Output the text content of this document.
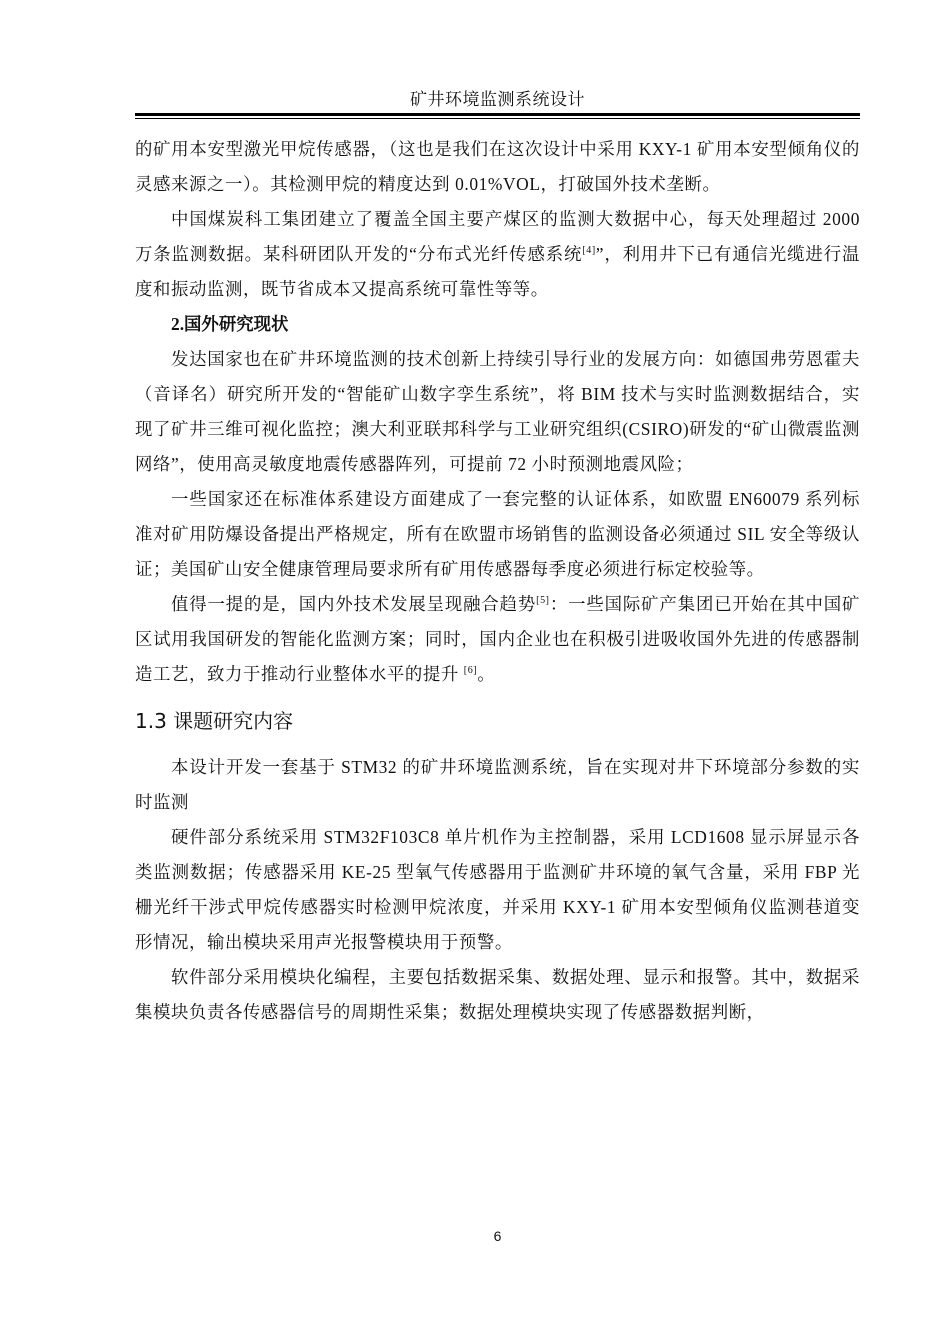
矿井环境监测系统设计

的矿用本安型激光甲烷传感器，（这也是我们在这次设计中采用 KXY-1 矿用本安型倾角仪的灵感来源之一）。其检测甲烷的精度达到 0.01%VOL，打破国外技术垄断。

中国煤炭科工集团建立了覆盖全国主要产煤区的监测大数据中心，每天处理超过 2000 万条监测数据。某科研团队开发的“分布式光纤传感系统[4]”，利用井下已有通信光缆进行温度和振动监测，既节省成本又提高系统可靠性等等。

2.国外研究现状

发达国家也在矿井环境监测的技术创新上持续引导行业的发展方向：如德国弗劳恩霍夫（音译名）研究所开发的“智能矿山数字孪生系统”，将 BIM 技术与实时监测数据结合，实现了矿井三维可视化监控；澳大利亚联邦科学与工业研究组织(CSIRO)研发的“矿山微震监测网络”，使用高灵敏度地震传感器阵列，可提前 72 小时预测地震风险；

一些国家还在标准体系建设方面建成了一套完整的认证体系，如欧盟 EN60079 系列标准对矿用防爆设备提出严格规定，所有在欧盟市场销售的监测设备必须通过 SIL 安全等级认证；美国矿山安全健康管理局要求所有矿用传感器每季度必须进行标定校验等。

值得一提的是，国内外技术发展呈现融合趋势[5]：一些国际矿产集团已开始在其中国矿区试用我国研发的智能化监测方案；同时，国内企业也在积极引进吸收国外先进的传感器制造工艺，致力于推动行业整体水平的提升 [6]。

1.3 课题研究内容

本设计开发一套基于 STM32 的矿井环境监测系统，旨在实现对井下环境部分参数的实时监测

硬件部分系统采用 STM32F103C8 单片机作为主控制器，采用 LCD1608 显示屏显示各类监测数据；传感器采用 KE-25 型氧气传感器用于监测矿井环境的氧气含量，采用 FBP 光栅光纤干涉式甲烷传感器实时检测甲烷浓度，并采用 KXY-1 矿用本安型倾角仪监测巷道变形情况，输出模块采用声光报警模块用于预警。

软件部分采用模块化编程，主要包括数据采集、数据处理、显示和报警。其中，数据采集模块负责各传感器信号的周期性采集；数据处理模块实现了传感器数据判断，

6
